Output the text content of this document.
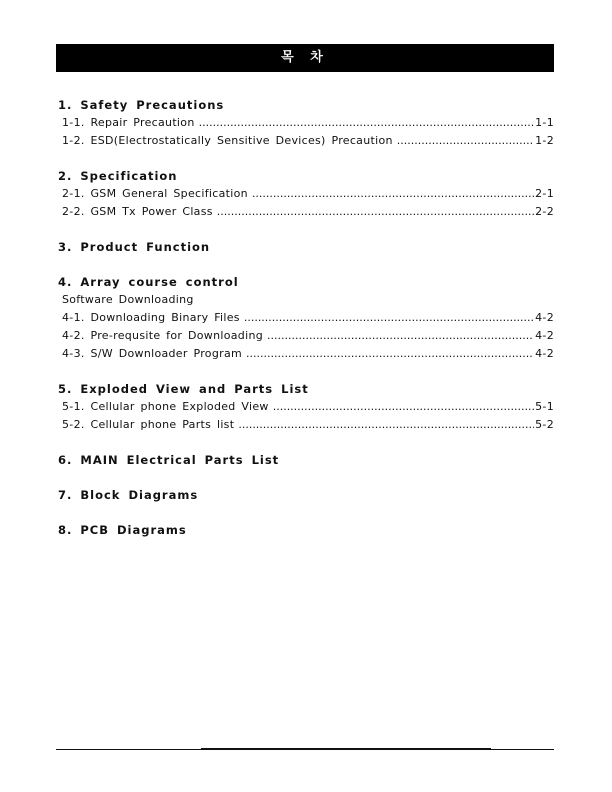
목 차
1. Safety Precautions
1-1. Repair Precaution .....	1-1
1-2. ESD(Electrostatically Sensitive Devices) Precaution .....	1-2
2. Specification
2-1. GSM General Specification .....	2-1
2-2. GSM Tx Power Class .....	2-2
3. Product Function
4. Array course control
Software Downloading
4-1. Downloading Binary Files .....	4-2
4-2. Pre-requsite for Downloading .....	4-2
4-3. S/W Downloader Program .....	4-2
5. Exploded View and Parts List
5-1. Cellular phone Exploded View .....	5-1
5-2. Cellular phone Parts list .....	5-2
6. MAIN Electrical Parts List
7. Block Diagrams
8. PCB Diagrams
